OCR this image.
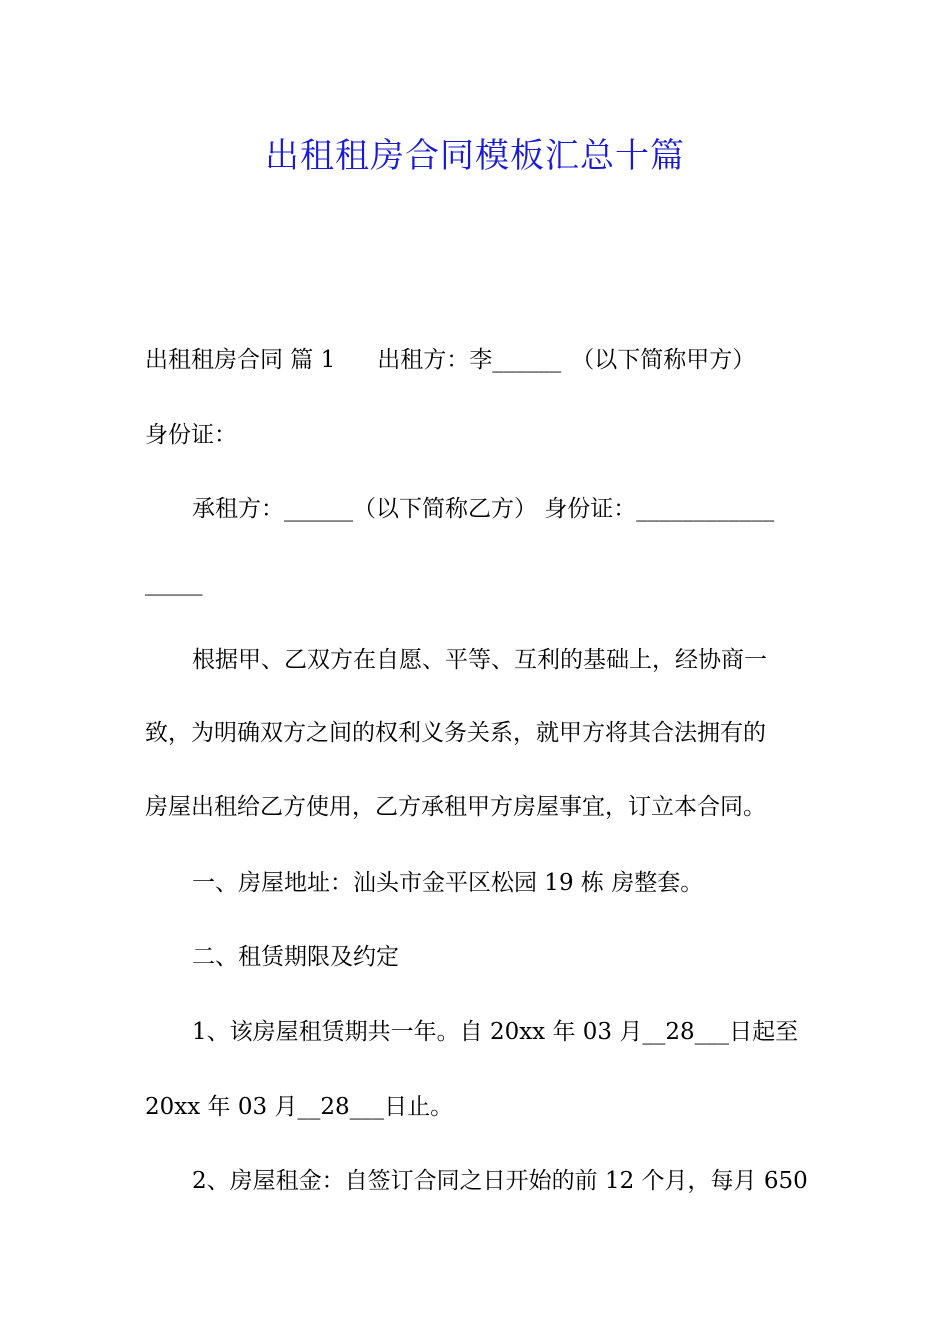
出租租房合同模板汇总十篇
出租租房合同 篇 1 出租方：李______ （以下简称甲方）
身份证：
承租方：______（以下简称乙方） 身份证：____________
_____
根据甲、乙双方在自愿、平等、互利的基础上，经协商一
致，为明确双方之间的权利义务关系，就甲方将其合法拥有的
房屋出租给乙方使用，乙方承租甲方房屋事宜，订立本合同。
一、房屋地址：汕头市金平区松园 19 栋 房整套。
二、租赁期限及约定
1、该房屋租赁期共一年。自 20xx 年 03 月__28___日起至
20xx 年 03 月__28___日止。
2、房屋租金：自签订合同之日开始的前 12 个月，每月 650
